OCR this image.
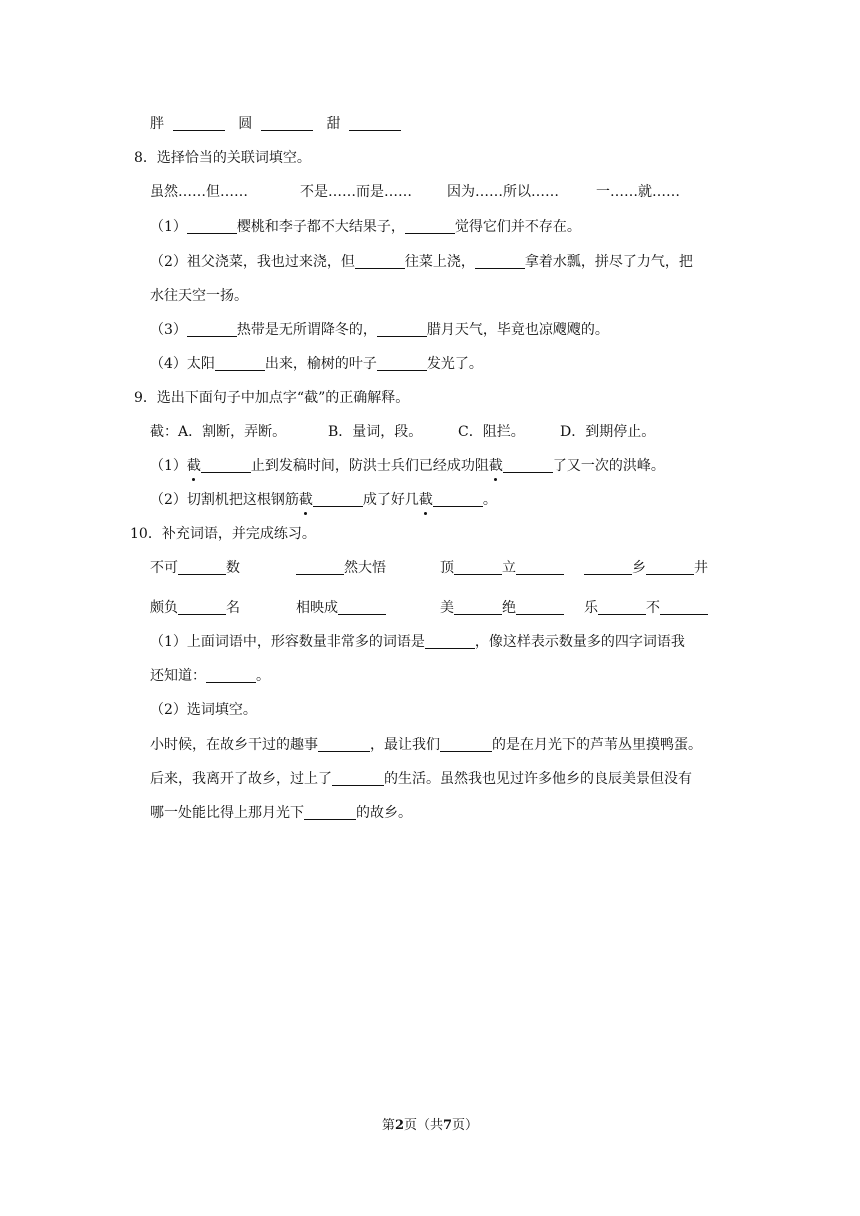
胖	圆	甜
8．选择恰当的关联词填空。
虽然……但……	不是……而是……	因为……所以……	一……就……
（1）	樱桃和李子都不大结果子，	觉得它们并不存在。
（2）祖父浇菜，我也过来浇，但	往菜上浇，	拿着水瓢，拼尽了力气，把
水往天空一扬。
（3）	热带是无所谓降冬的，	腊月天气，毕竟也凉飕飕的。
（4）太阳	出来，榆树的叶子	发光了。
9．选出下面句子中加点字“截”的正确解释。
截： A．割断，弄断。	B．量词，段。	C．阻拦。	D．到期停止。
（1）截	止到发稿时间，防洪士兵们已经成功阻截	了又一次的洪峰。
（2）切割机把这根钢筋截	成了好几截	。
10．补充词语，并完成练习。
不可	数	然大悟	顶	立	乡	井
颇负	名	相映成	美	绝	乐	不
（1）上面词语中，形容数量非常多的词语是	，像这样表示数量多的四字词语我
还知道：	。
（2）选词填空。
小时候，在故乡干过的趣事	，最让我们	的是在月光下的芦苇丛里摸鸭蛋。
后来，我离开了故乡，过上了	的生活。虽然我也见过许多他乡的良辰美景但没有
哪一处能比得上那月光下	的故乡。
第2页（共7页）
